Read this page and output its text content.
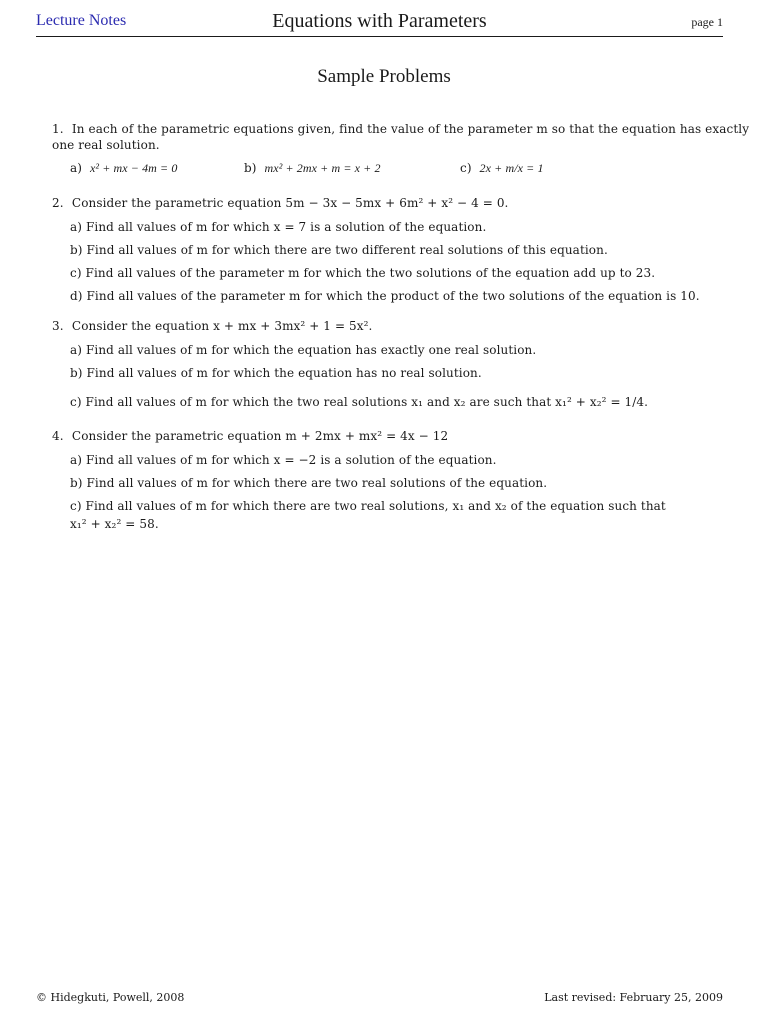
Lecture Notes	Equations with Parameters	page 1
Sample Problems
1. In each of the parametric equations given, find the value of the parameter m so that the equation has exactly
one real solution.
a) x² + mx − 4m = 0	b) mx² + 2mx + m = x + 2	c) 2x + m/x = 1
2. Consider the parametric equation 5m − 3x − 5mx + 6m² + x² − 4 = 0.
a) Find all values of m for which x = 7 is a solution of the equation.
b) Find all values of m for which there are two different real solutions of this equation.
c) Find all values of the parameter m for which the two solutions of the equation add up to 23.
d) Find all values of the parameter m for which the product of the two solutions of the equation is 10.
3. Consider the equation x + mx + 3mx² + 1 = 5x².
a) Find all values of m for which the equation has exactly one real solution.
b) Find all values of m for which the equation has no real solution.
c) Find all values of m for which the two real solutions x₁ and x₂ are such that x₁² + x₂² = 1/4.
4. Consider the parametric equation m + 2mx + mx² = 4x − 12
a) Find all values of m for which x = −2 is a solution of the equation.
b) Find all values of m for which there are two real solutions of the equation.
c) Find all values of m for which there are two real solutions, x₁ and x₂ of the equation such that
x₁² + x₂² = 58.
© Hidegkuti, Powell, 2008	Last revised: February 25, 2009
